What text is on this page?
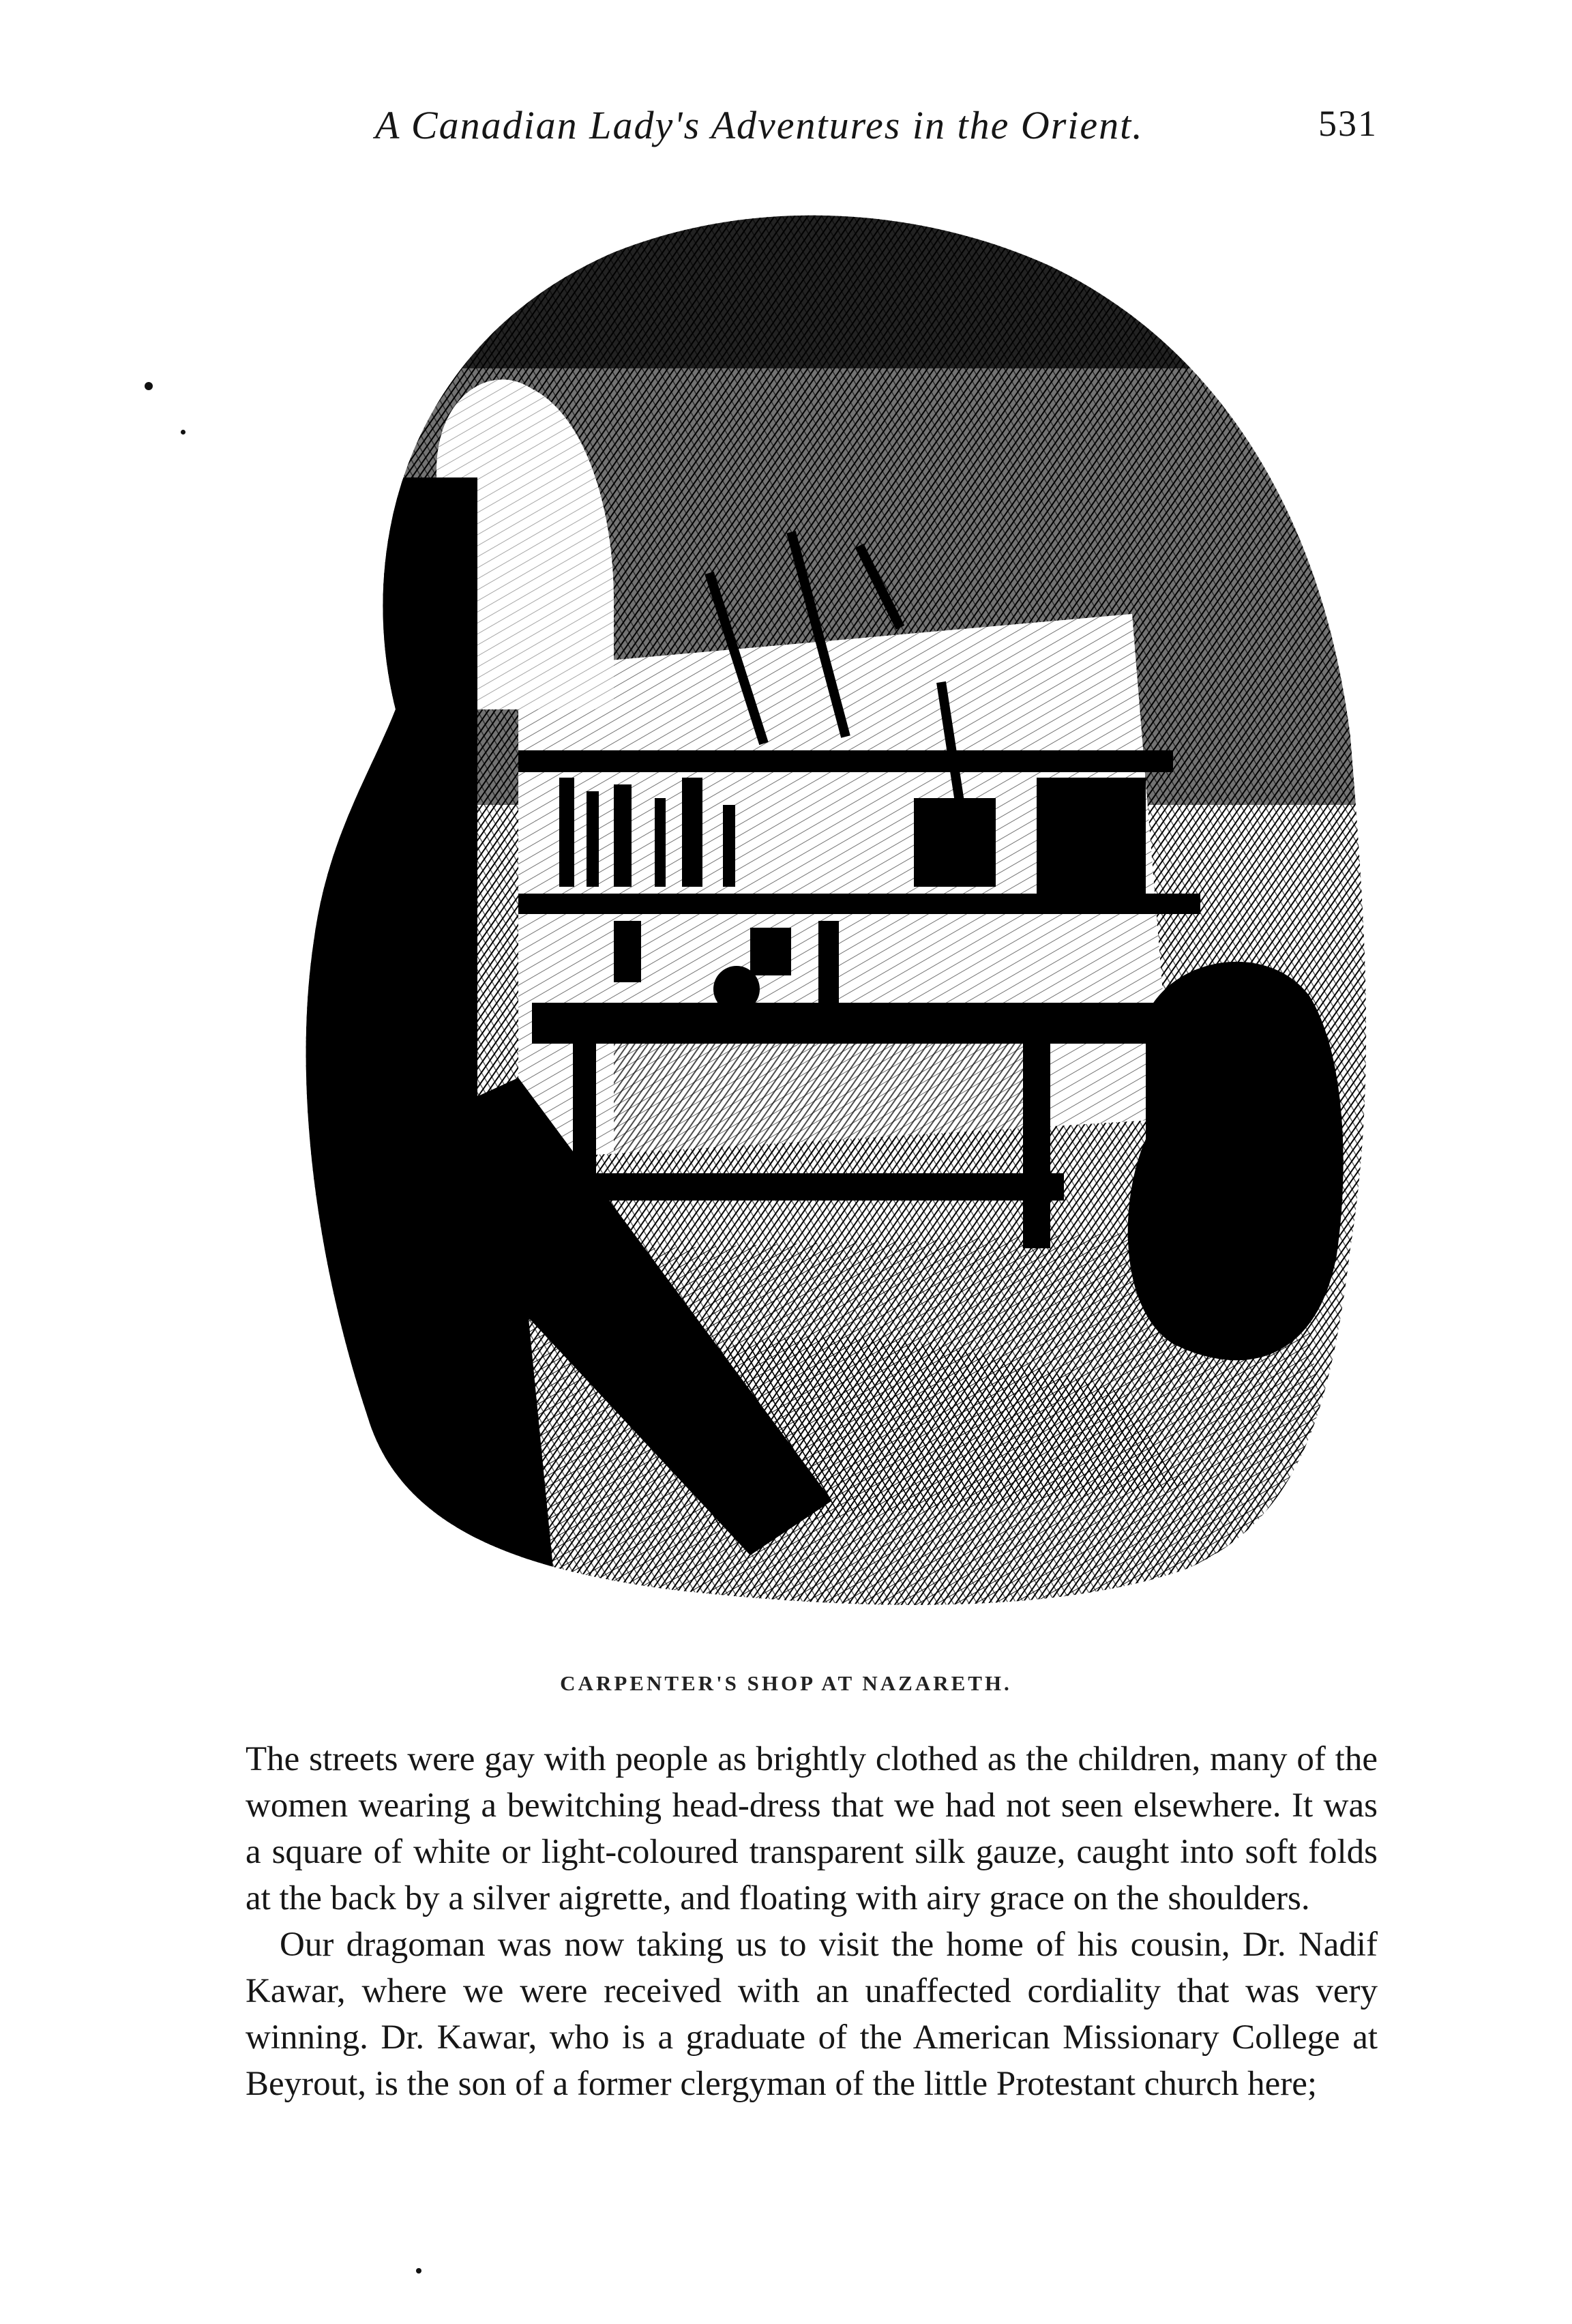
A Canadian Lady's Adventures in the Orient.	531
CARPENTER'S SHOP AT NAZARETH.

The streets were gay with people as brightly clothed as the children, many of the women wearing a bewitching head-dress that we had not seen elsewhere. It was a square of white or light-coloured transparent silk gauze, caught into soft folds at the back by a silver aigrette, and floating with airy grace on the shoulders.

Our dragoman was now taking us to visit the home of his cousin, Dr. Nadif Kawar, where we were received with an unaffected cordiality that was very winning. Dr. Kawar, who is a graduate of the American Missionary College at Beyrout, is the son of a former clergyman of the little Protestant church here;
